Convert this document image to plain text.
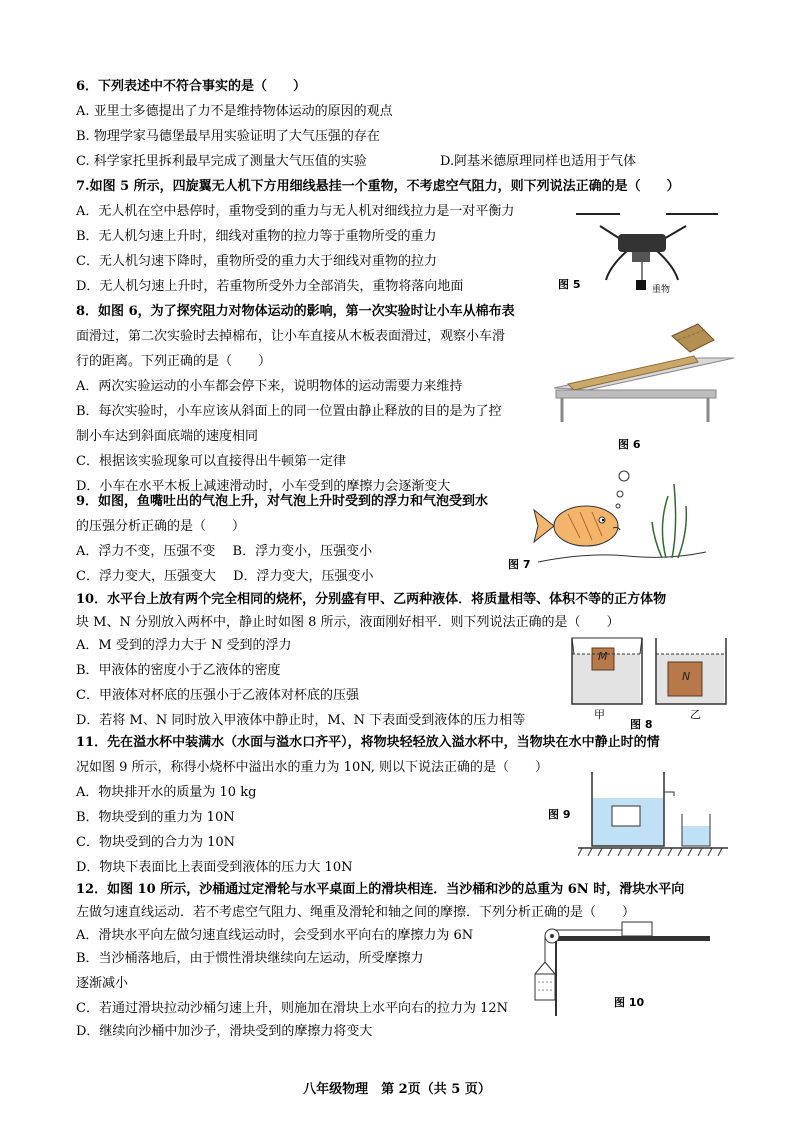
6．下列表述中不符合事实的是（　　）
A. 亚里士多德提出了力不是维持物体运动的原因的观点
B. 物理学家马德堡最早用实验证明了大气压强的存在
C. 科学家托里拆利最早完成了测量大气压值的实验	D.阿基米德原理同样也适用于气体
7.如图 5 所示，四旋翼无人机下方用细线悬挂一个重物，不考虑空气阻力，则下列说法正确的是（　　）
A．无人机在空中悬停时，重物受到的重力与无人机对细线拉力是一对平衡力
B．无人机匀速上升时，细线对重物的拉力等于重物所受的重力
C．无人机匀速下降时，重物所受的重力大于细线对重物的拉力
D．无人机匀速上升时，若重物所受外力全部消失，重物将落向地面	图 5	重物
8．如图 6，为了探究阻力对物体运动的影响，第一次实验时让小车从棉布表
面滑过，第二次实验时去掉棉布，让小车直接从木板表面滑过，观察小车滑
行的距离。下列正确的是（　　）
A．两次实验运动的小车都会停下来，说明物体的运动需要力来维持
B．每次实验时，小车应该从斜面上的同一位置由静止释放的目的是为了控
制小车达到斜面底端的速度相同
C．根据该实验现象可以直接得出牛顿第一定律
D．小车在水平木板上减速滑动时，小车受到的摩擦力会逐渐变大
图 6
9．如图，鱼嘴吐出的气泡上升，对气泡上升时受到的浮力和气泡受到水
的压强分析正确的是（　　）
A．浮力不变，压强不变　 B．浮力变小，压强变小
C．浮力变大，压强变大　 D．浮力变大，压强变小
图 7
10．水平台上放有两个完全相同的烧杯，分别盛有甲、乙两种液体．将质量相等、体积不等的正方体物
块 M、N 分别放入两杯中，静止时如图 8 所示，液面刚好相平．则下列说法正确的是（　　）
A．M 受到的浮力大于 N 受到的浮力
B．甲液体的密度小于乙液体的密度
C．甲液体对杯底的压强小于乙液体对杯底的压强
D．若将 M、N 同时放入甲液体中静止时，M、N 下表面受到液体的压力相等
M
N
甲
图 8
乙
11．先在溢水杯中装满水（水面与溢水口齐平），将物块轻轻放入溢水杯中，当物块在水中静止时的情
况如图 9 所示，称得小烧杯中溢出水的重力为 10N, 则以下说法正确的是（　　）
A．物块排开水的质量为 10 kg
B．物块受到的重力为 10N
C．物块受到的合力为 10N
D．物块下表面比上表面受到液体的压力大 10N
图 9
12．如图 10 所示，沙桶通过定滑轮与水平桌面上的滑块相连．当沙桶和沙的总重为 6N 时，滑块水平向
左做匀速直线运动．若不考虑空气阻力、绳重及滑轮和轴之间的摩擦．下列分析正确的是（　　）
A．滑块水平向左做匀速直线运动时，会受到水平向右的摩擦力为 6N
B．当沙桶落地后，由于惯性滑块继续向左运动，所受摩擦力
逐渐减小
C．若通过滑块拉动沙桶匀速上升，则施加在滑块上水平向右的拉力为 12N
D．继续向沙桶中加沙子，滑块受到的摩擦力将变大
图 10
八年级物理　第 2页（共 5 页）
